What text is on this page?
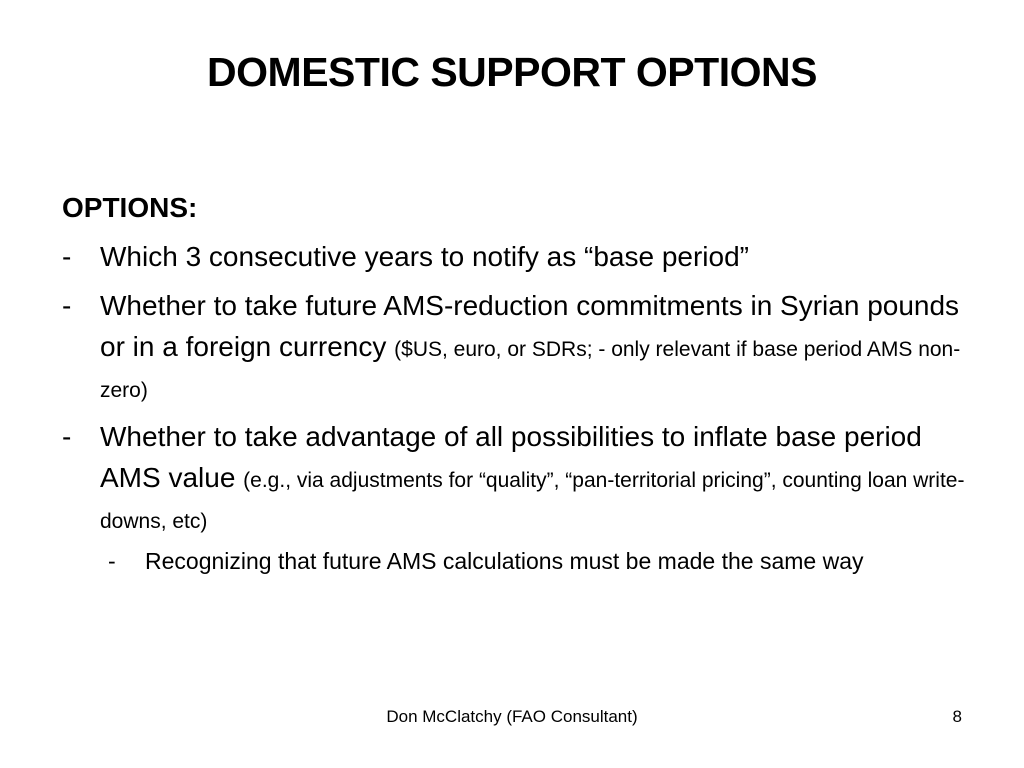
DOMESTIC SUPPORT OPTIONS
OPTIONS:
-	Which 3 consecutive years to notify as “base period”
-	Whether to take future AMS-reduction commitments in Syrian pounds or in a foreign currency ($US, euro, or SDRs; - only relevant if base period AMS non-zero)
-	Whether to take advantage of all possibilities to inflate base period AMS value (e.g., via adjustments for “quality”, “pan-territorial pricing”, counting loan write-downs, etc)
-	Recognizing that future AMS calculations must be made the same way
Don McClatchy (FAO Consultant)	8
